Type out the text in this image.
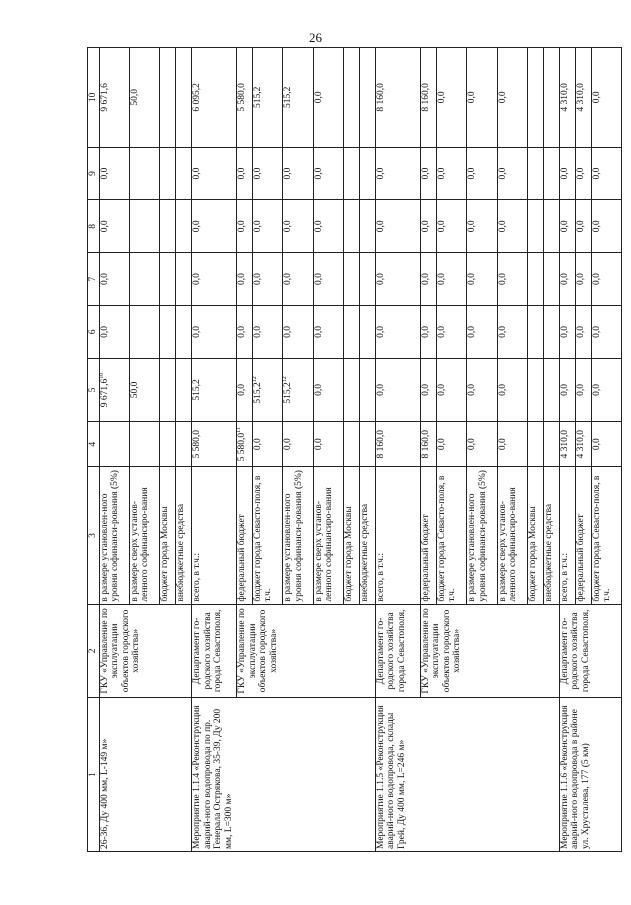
26
1	2	3	4	5	6	7	8	9	10
26-36, Ду 400 мм, L-149 м»	ГКУ «Управление по эксплуатации объектов городского хозяйства»	в размере установлен-ного уровня софинанси-рования (5%)		9 671,6$^{10}$	0,0	0,0	0,0	0,0	9 671,6
		в размере сверх установ-ленного софинансиро-вания		50,0					50,0
		бюджет города Москвы							
		внебюджетные средства							
Мероприятие 1.1.4 «Реконструкция аварий-ного водопровода по пр. Генерала Острякова, 35-39, Ду 200 мм, L=300 м»	Департамент го-родского хозяйства города Севастополя,	всего, в т.ч.:	5 580,0	515,2	0,0	0,0	0,0	0,0	6 095,2
	ГКУ «Управление по эксплуатации объектов городского хозяйства»	федеральный бюджет	5 580,0$^{11}$	0,0	0,0	0,0	0,0	0,0	5 580,0
		бюджет города Севасто-поля, в т.ч.	0,0	515,2$^{12}$	0,0	0,0	0,0	0,0	515,2
		в размере установлен-ного уровня софинанси-рования (5%)	0,0	515,2$^{12}$	0,0	0,0	0,0	0,0	515,2
		в размере сверх установ-ленного софинансиро-вания	0,0	0,0	0,0	0,0	0,0	0,0	0,0
		бюджет города Москвы							
		внебюджетные средства							
Мероприятие 1.1.5 «Реконструкция аварий-ного водопровода, склады Грей, Ду 400 мм, L=246 м»	Департамент го-родского хозяйства города Севастополя,	всего, в т.ч.:	8 160,0	0,0	0,0	0,0	0,0	0,0	8 160,0
	ГКУ «Управление по эксплуатации объектов городского хозяйства»	федеральный бюджет	8 160,0	0,0	0,0	0,0	0,0	0,0	8 160,0
		бюджет города Севасто-поля, в т.ч.	0,0	0,0	0,0	0,0	0,0	0,0	0,0
		в размере установлен-ного уровня софинанси-рования (5%)	0,0	0,0	0,0	0,0	0,0	0,0	0,0
		в размере сверх установ-ленного софинансиро-вания	0,0	0,0	0,0	0,0	0,0	0,0	0,0
		бюджет города Москвы							
		внебюджетные средства							
Мероприятие 1.1.6 «Реконструкция аварий-ного водопровода в районе ул. Хрусталева, 177 (5 км)	Департамент го-родского хозяйства города Севастополя,	всего, в т.ч.:	4 310,0	0,0	0,0	0,0	0,0	0,0	4 310,0
		федеральный бюджет	4 310,0	0,0	0,0	0,0	0,0	0,0	4 310,0
		бюджет города Севасто-поля, в т.ч.	0,0	0,0	0,0	0,0	0,0	0,0	0,0
